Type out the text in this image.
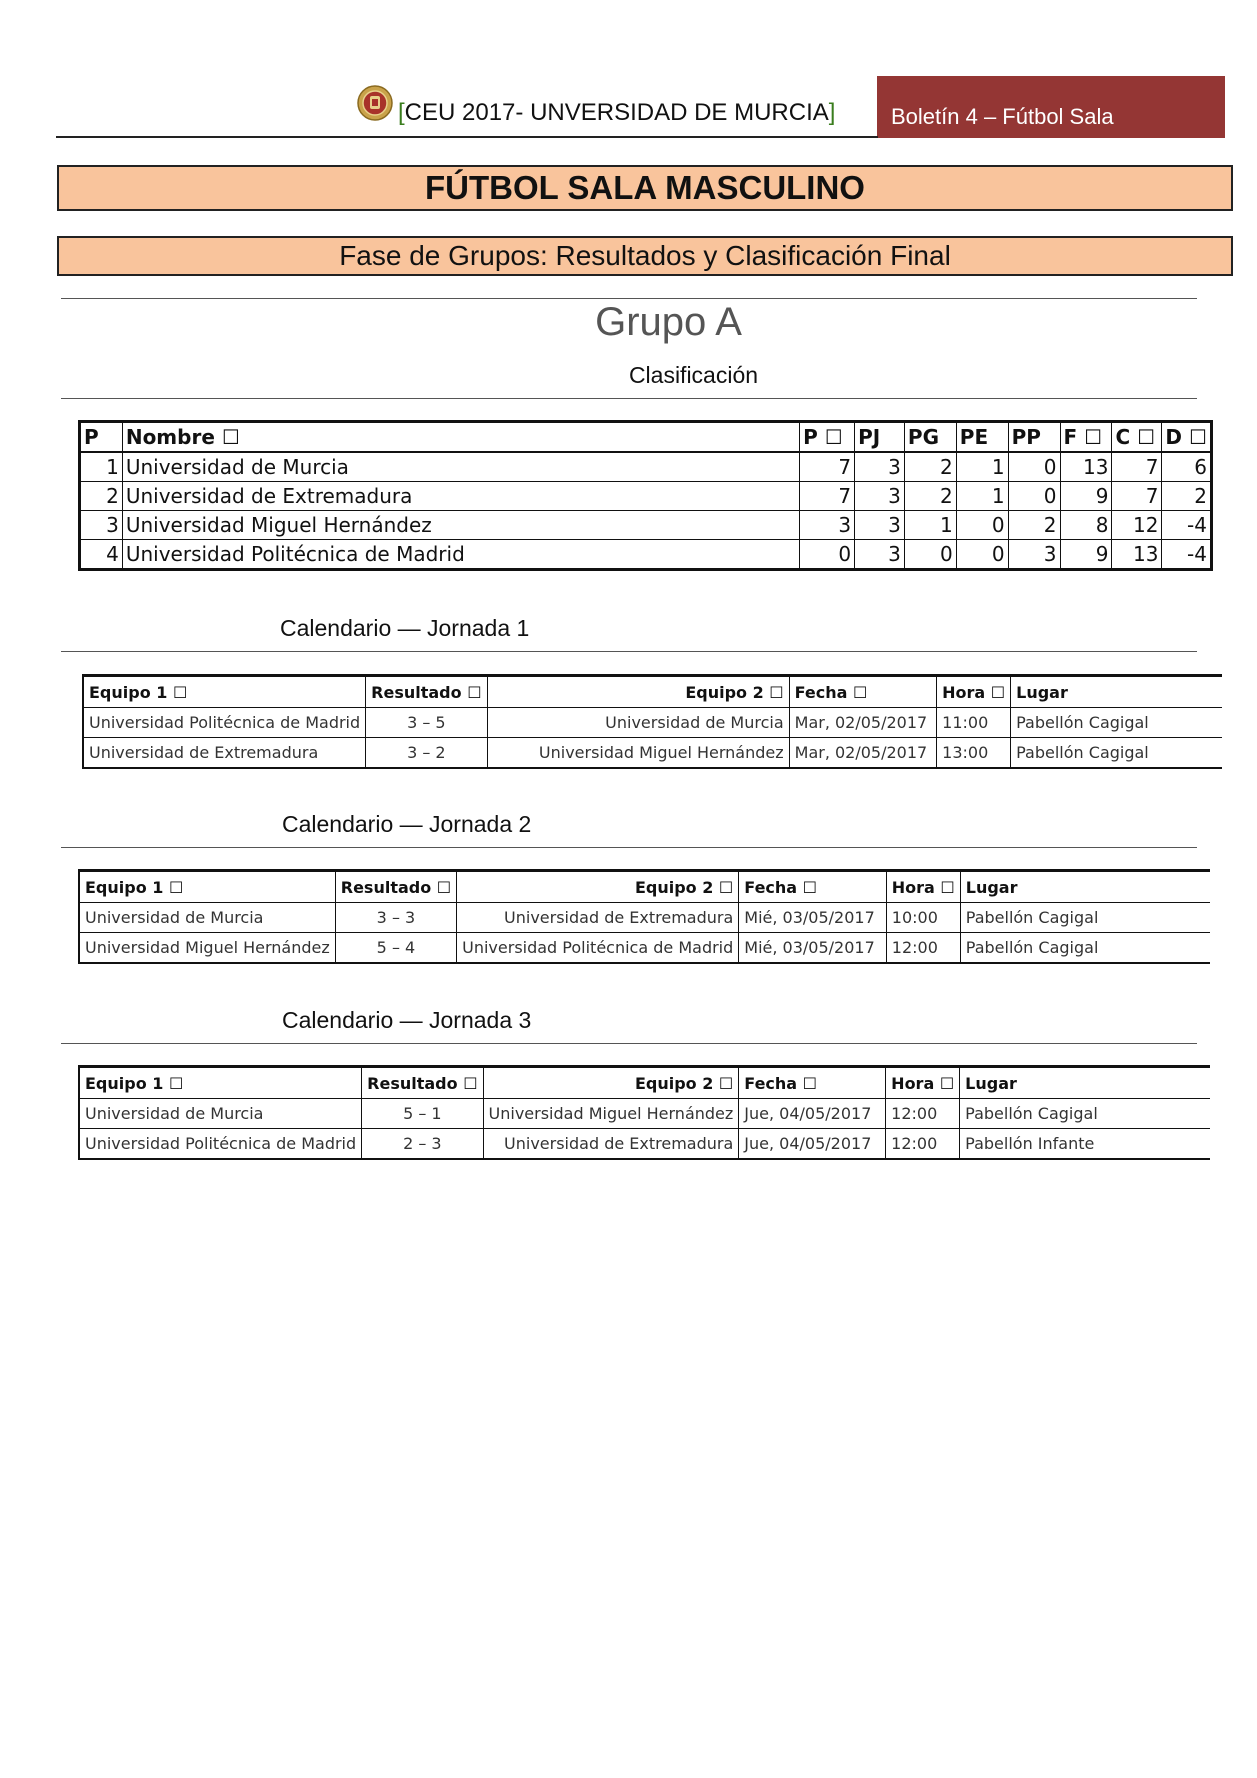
[CEU 2017- UNVERSIDAD DE MURCIA]	Boletín 4 – Fútbol Sala
FÚTBOL SALA MASCULINO
Fase de Grupos: Resultados y Clasificación Final
Grupo A
Clasificación
P	Nombre ☐	P ☐	PJ	PG	PE	PP	F ☐	C ☐	D ☐
1	Universidad de Murcia	7	3	2	1	0	13	7	6
2	Universidad de Extremadura	7	3	2	1	0	9	7	2
3	Universidad Miguel Hernández	3	3	1	0	2	8	12	-4
4	Universidad Politécnica de Madrid	0	3	0	0	3	9	13	-4
Calendario — Jornada 1
Equipo 1 ☐	Resultado ☐	Equipo 2 ☐	Fecha ☐	Hora ☐	Lugar
Universidad Politécnica de Madrid	3 – 5	Universidad de Murcia	Mar, 02/05/2017	11:00	Pabellón Cagigal
Universidad de Extremadura	3 – 2	Universidad Miguel Hernández	Mar, 02/05/2017	13:00	Pabellón Cagigal
Calendario — Jornada 2
Equipo 1 ☐	Resultado ☐	Equipo 2 ☐	Fecha ☐	Hora ☐	Lugar
Universidad de Murcia	3 – 3	Universidad de Extremadura	Mié, 03/05/2017	10:00	Pabellón Cagigal
Universidad Miguel Hernández	5 – 4	Universidad Politécnica de Madrid	Mié, 03/05/2017	12:00	Pabellón Cagigal
Calendario — Jornada 3
Equipo 1 ☐	Resultado ☐	Equipo 2 ☐	Fecha ☐	Hora ☐	Lugar
Universidad de Murcia	5 – 1	Universidad Miguel Hernández	Jue, 04/05/2017	12:00	Pabellón Cagigal
Universidad Politécnica de Madrid	2 – 3	Universidad de Extremadura	Jue, 04/05/2017	12:00	Pabellón Infante
